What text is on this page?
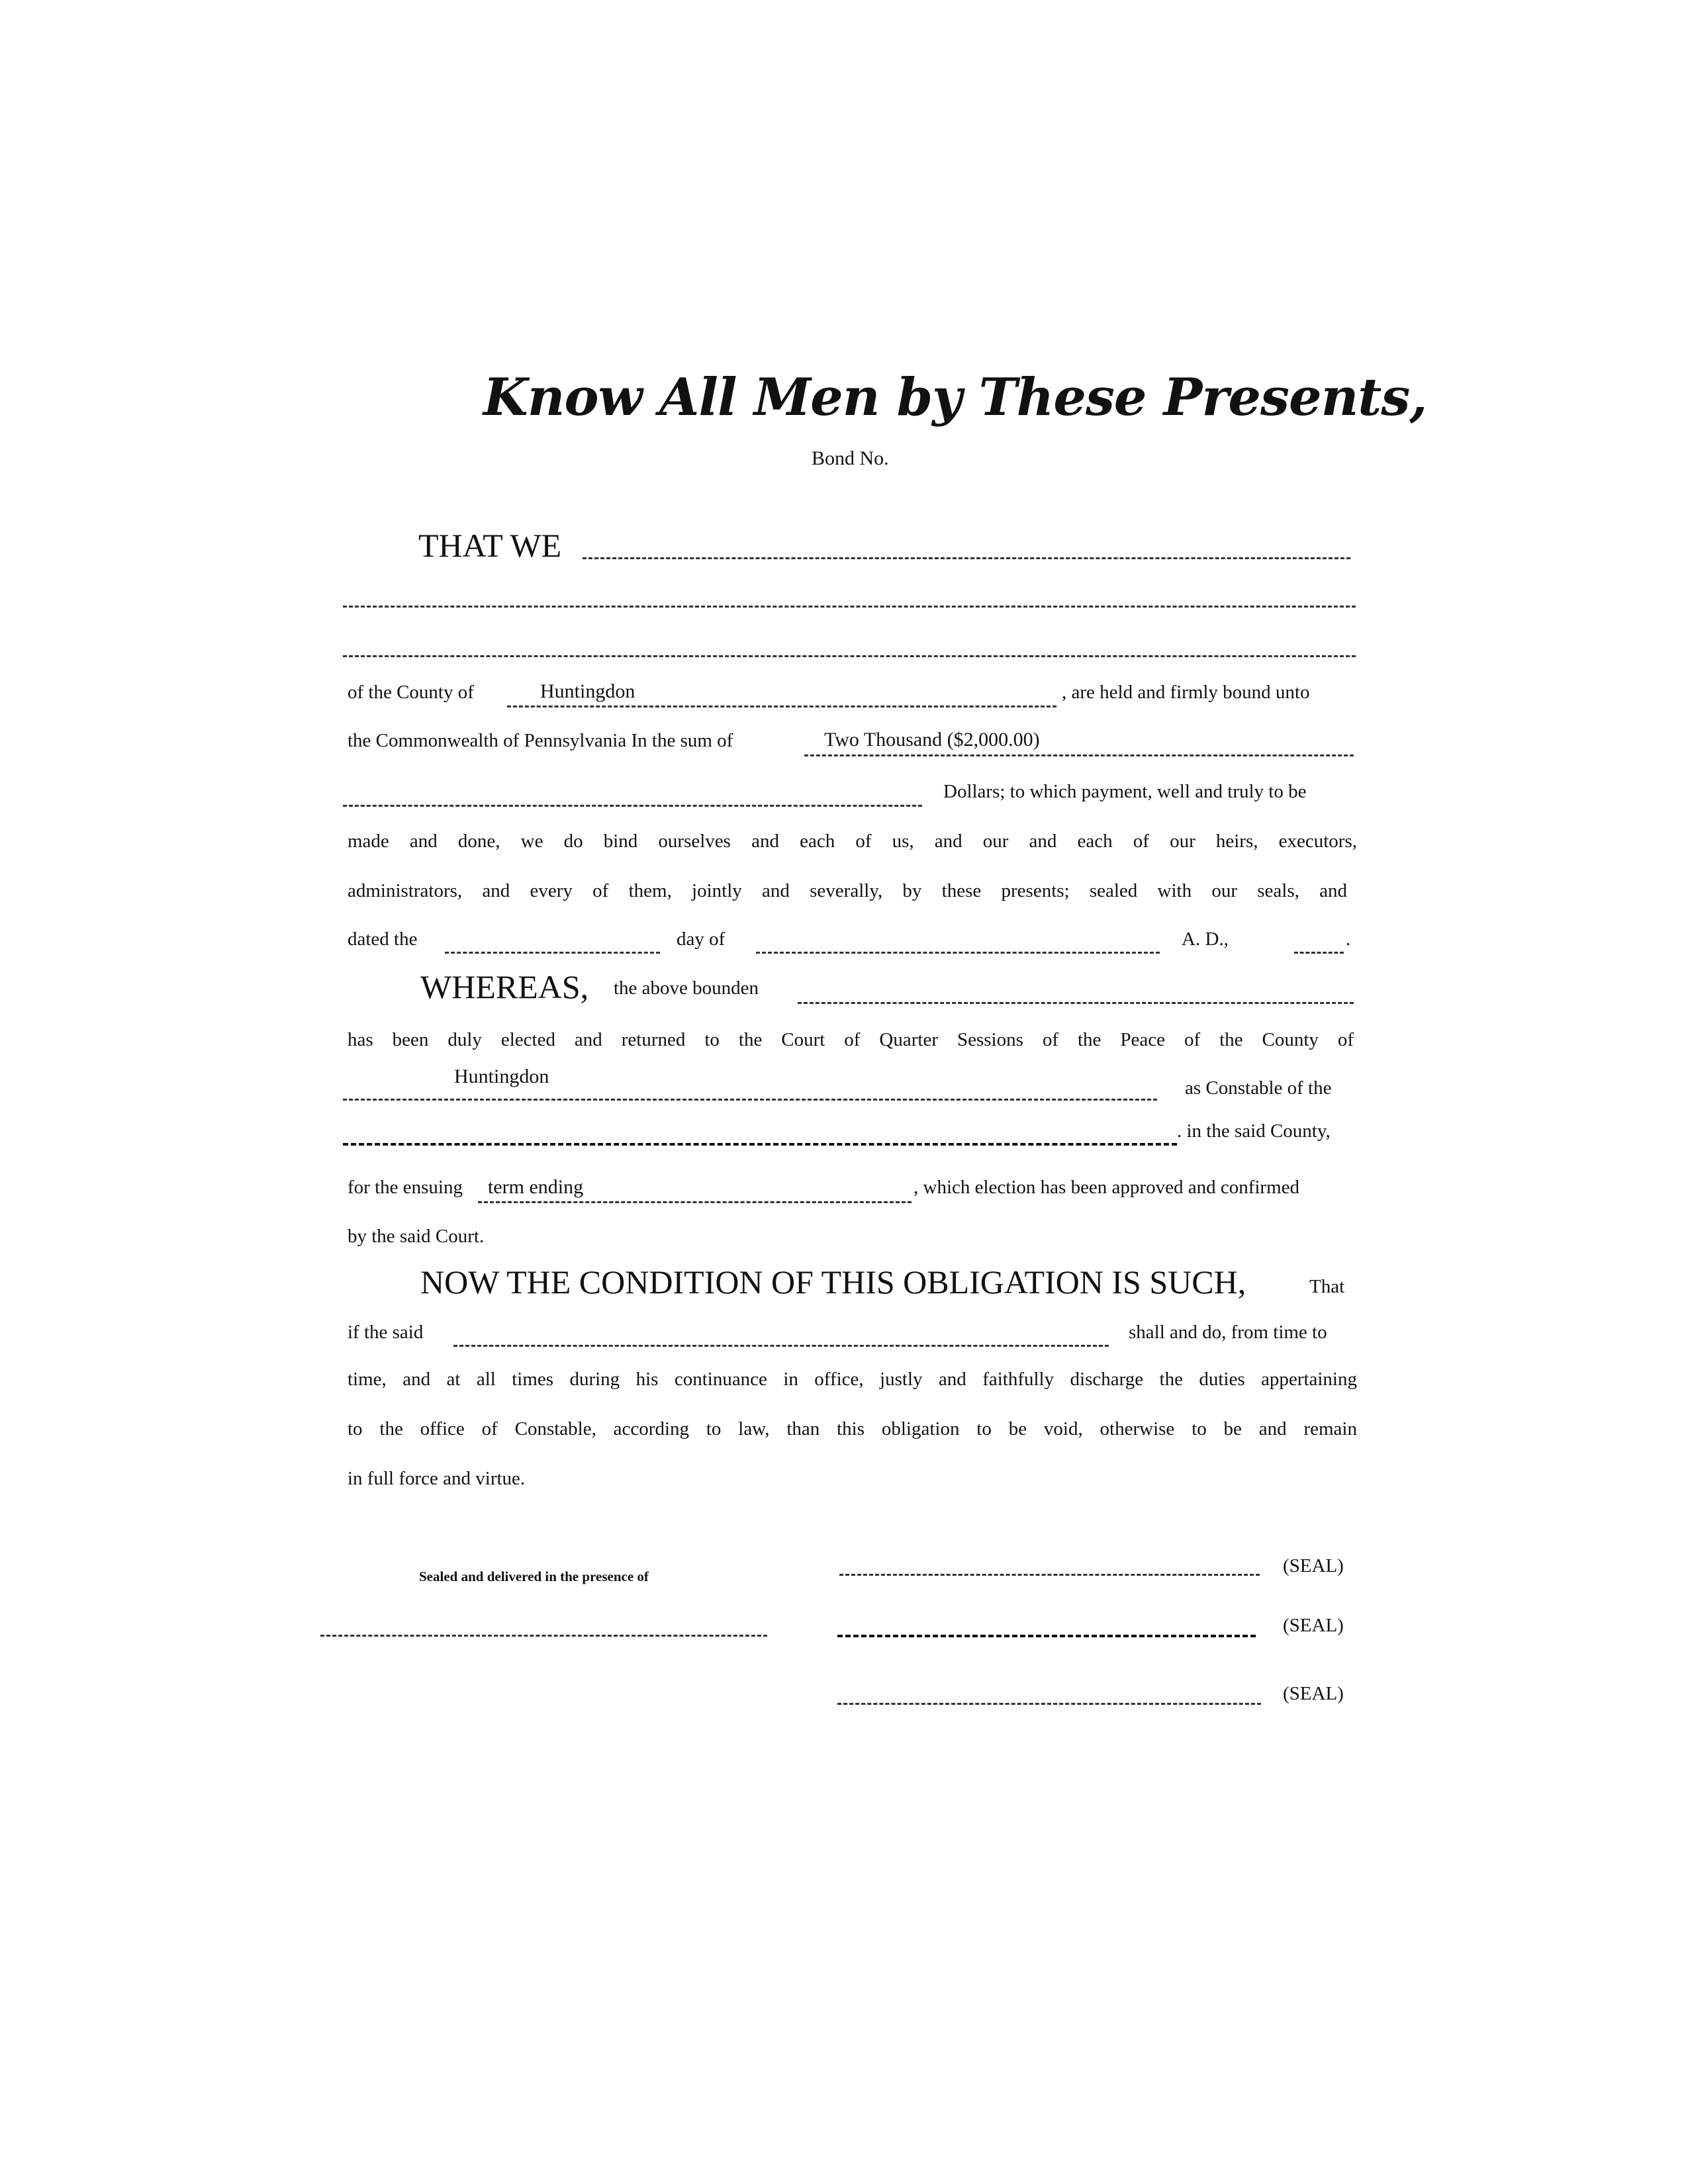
Know All Men by These Presents,
Bond No.
THAT WE
of the County of	Huntingdon	, are held and firmly bound unto
the Commonwealth of Pennsylvania In the sum of	Two Thousand ($2,000.00)
Dollars; to which payment, well and truly to be
made and done, we do bind ourselves and each of us, and our and each of our heirs, executors,
administrators, and every of them, jointly and severally, by these presents; sealed with our seals, and
dated the	day of	A. D.,	.
WHEREAS, the above bounden
has been duly elected and returned to the Court of Quarter Sessions of the Peace of the County of
Huntingdon
as Constable of the
. in the said County,
for the ensuing term ending	, which election has been approved and confirmed
by the said Court.
NOW THE CONDITION OF THIS OBLIGATION IS SUCH,	That
if the said	shall and do, from time to
time, and at all times during his continuance in office, justly and faithfully discharge the duties appertaining
to the office of Constable, according to law, than this obligation to be void, otherwise to be and remain
in full force and virtue.
Sealed and delivered in the presence of	(SEAL)
(SEAL)
(SEAL)
